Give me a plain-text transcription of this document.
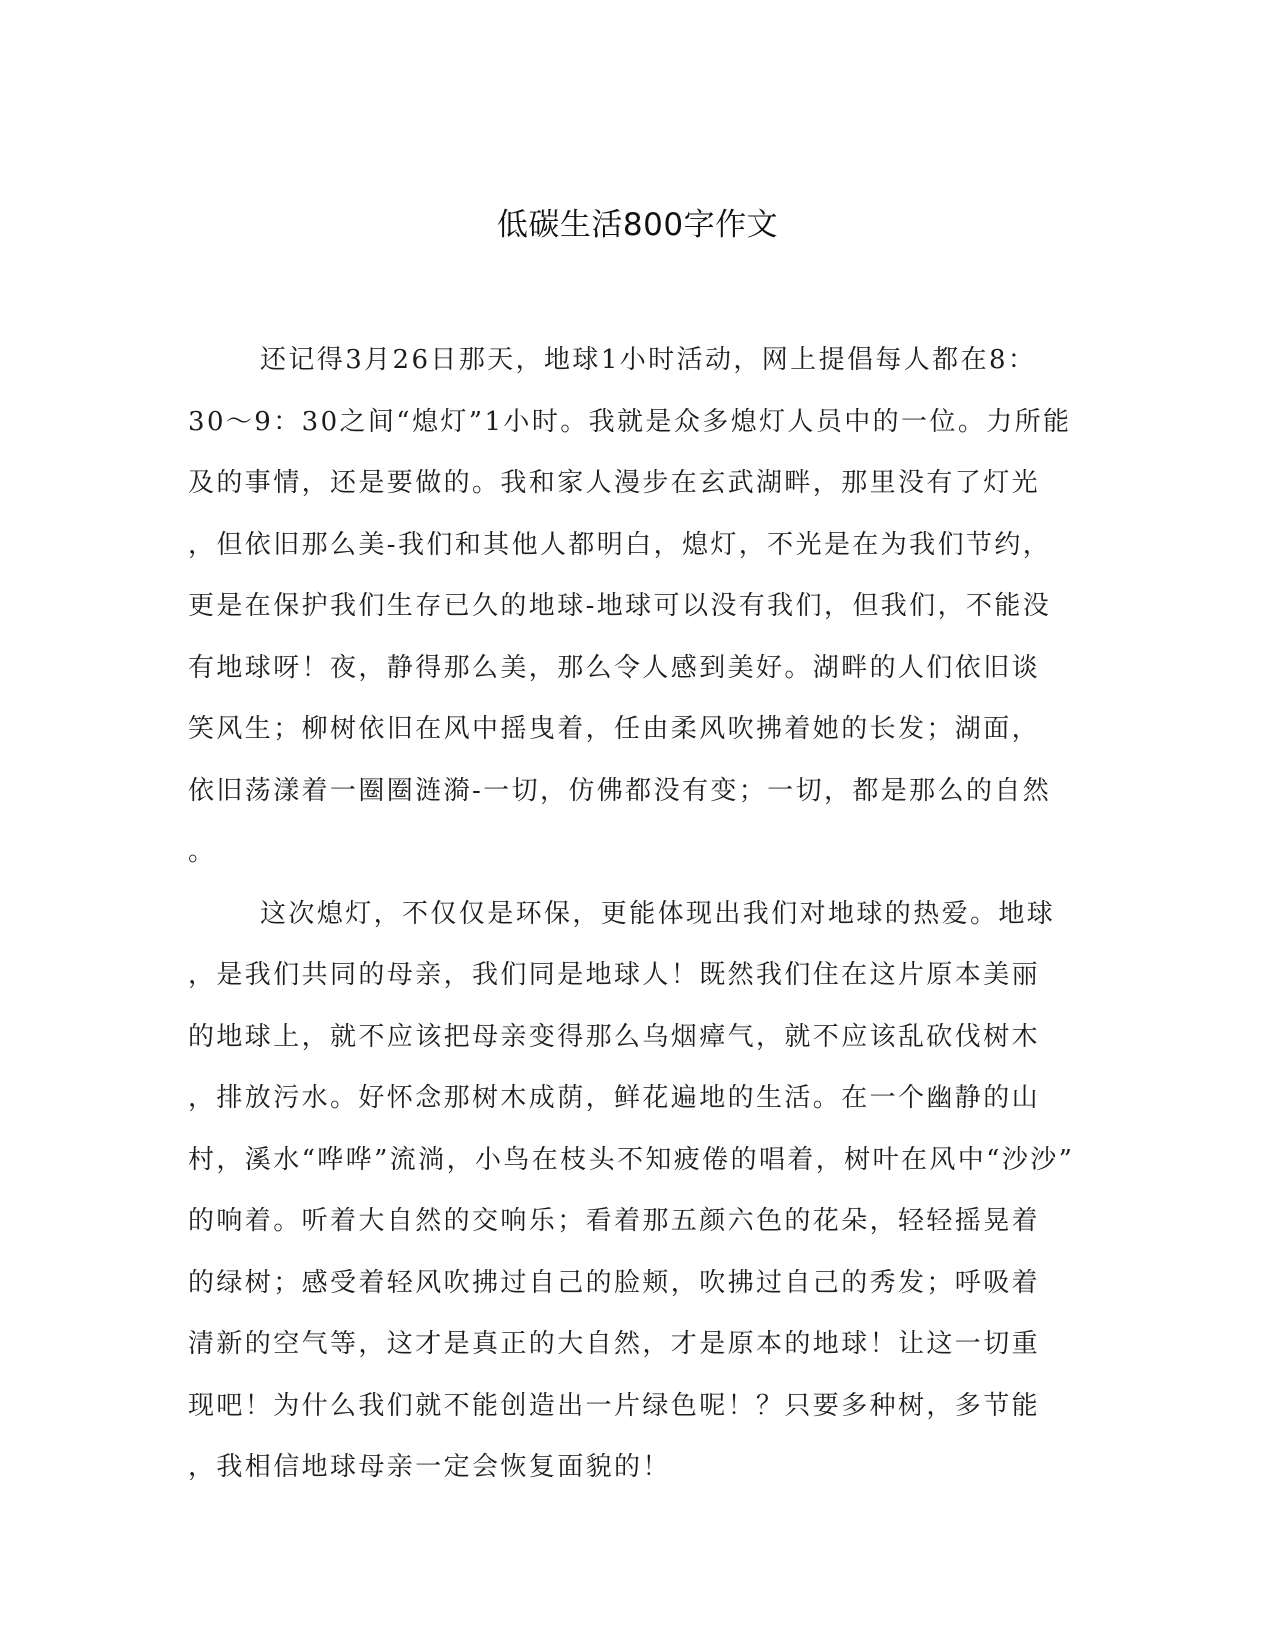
低碳生活800字作文
还记得3月26日那天，地球1小时活动，网上提倡每人都在8：
30～9：30之间“熄灯”1小时。我就是众多熄灯人员中的一位。力所能
及的事情，还是要做的。我和家人漫步在玄武湖畔，那里没有了灯光
，但依旧那么美-我们和其他人都明白，熄灯，不光是在为我们节约，
更是在保护我们生存已久的地球-地球可以没有我们，但我们，不能没
有地球呀！夜，静得那么美，那么令人感到美好。湖畔的人们依旧谈
笑风生；柳树依旧在风中摇曳着，任由柔风吹拂着她的长发；湖面，
依旧荡漾着一圈圈涟漪-一切，仿佛都没有变；一切，都是那么的自然
。
这次熄灯，不仅仅是环保，更能体现出我们对地球的热爱。地球
，是我们共同的母亲，我们同是地球人！既然我们住在这片原本美丽
的地球上，就不应该把母亲变得那么乌烟瘴气，就不应该乱砍伐树木
，排放污水。好怀念那树木成荫，鲜花遍地的生活。在一个幽静的山
村，溪水“哗哗”流淌，小鸟在枝头不知疲倦的唱着，树叶在风中“沙沙”
的响着。听着大自然的交响乐；看着那五颜六色的花朵，轻轻摇晃着
的绿树；感受着轻风吹拂过自己的脸颊，吹拂过自己的秀发；呼吸着
清新的空气等，这才是真正的大自然，才是原本的地球！让这一切重
现吧！为什么我们就不能创造出一片绿色呢！？只要多种树，多节能
，我相信地球母亲一定会恢复面貌的！
